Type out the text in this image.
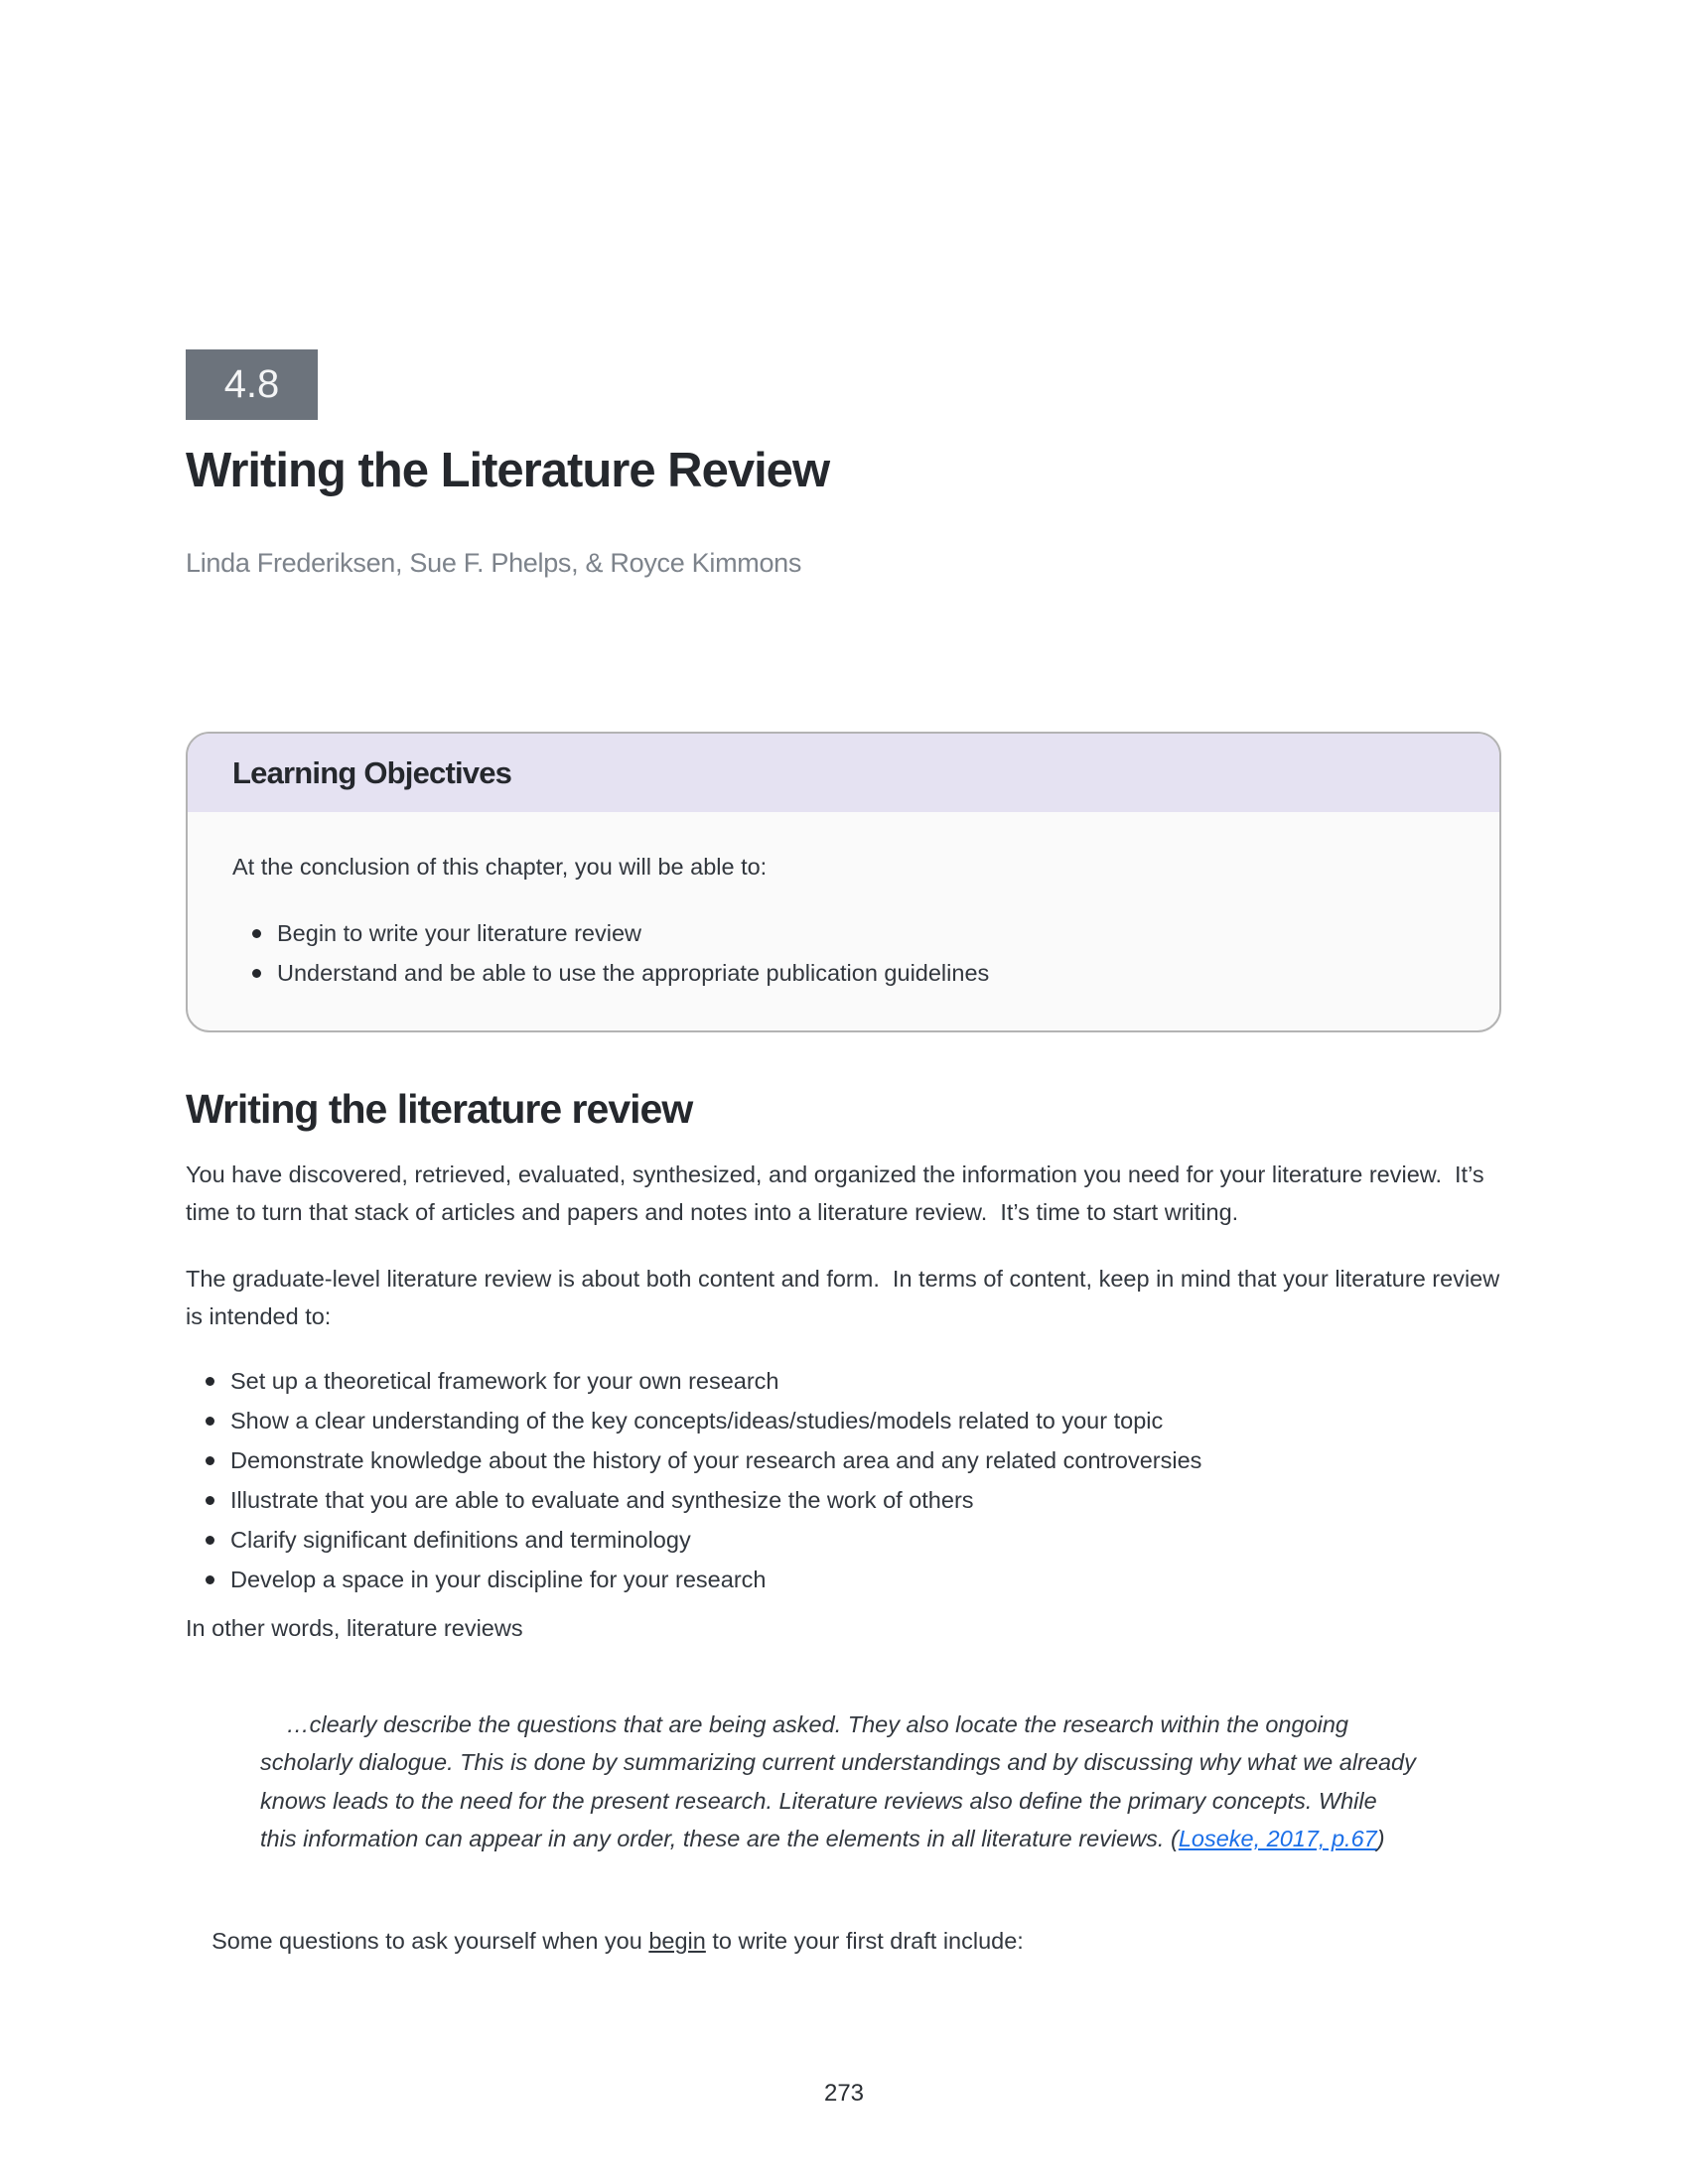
4.8
Writing the Literature Review
Linda Frederiksen, Sue F. Phelps, & Royce Kimmons
Learning Objectives
At the conclusion of this chapter, you will be able to:
Begin to write your literature review
Understand and be able to use the appropriate publication guidelines
Writing the literature review

You have discovered, retrieved, evaluated, synthesized, and organized the information you need for your literature review.  It’s time to turn that stack of articles and papers and notes into a literature review.  It’s time to start writing.

The graduate-level literature review is about both content and form.  In terms of content, keep in mind that your literature review is intended to:

Set up a theoretical framework for your own research
Show a clear understanding of the key concepts/ideas/studies/models related to your topic
Demonstrate knowledge about the history of your research area and any related controversies
Illustrate that you are able to evaluate and synthesize the work of others
Clarify significant definitions and terminology
Develop a space in your discipline for your research
In other words, literature reviews

…clearly describe the questions that are being asked. They also locate the research within the ongoing scholarly dialogue. This is done by summarizing current understandings and by discussing why what we already knows leads to the need for the present research. Literature reviews also define the primary concepts. While this information can appear in any order, these are the elements in all literature reviews. (Loseke, 2017, p.67)

Some questions to ask yourself when you begin to write your first draft include:

273
